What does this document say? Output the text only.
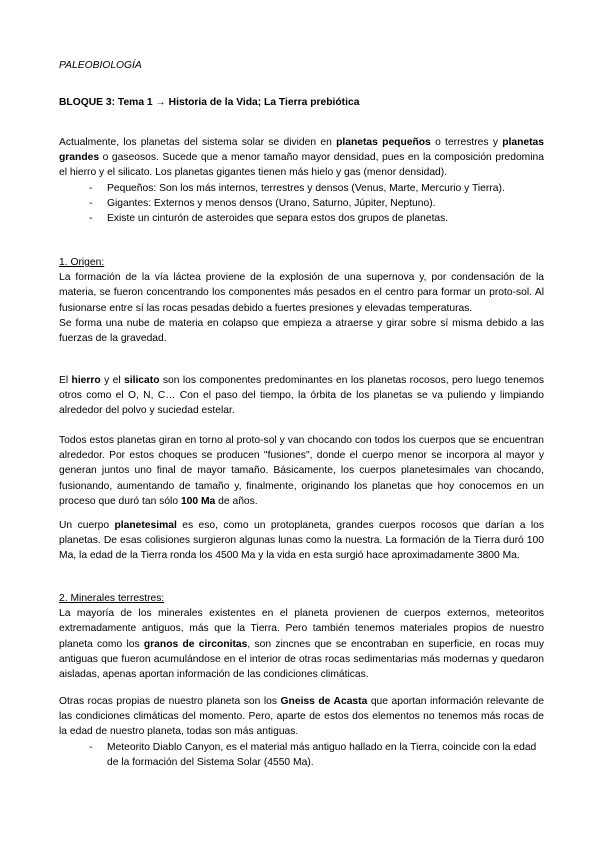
PALEOBIOLOGÍA

BLOQUE 3: Tema 1 → Historia de la Vida; La Tierra prebiótica

Actualmente, los planetas del sistema solar se dividen en planetas pequeños o terrestres y planetas grandes o gaseosos. Sucede que a menor tamaño mayor densidad, pues en la composición predomina el hierro y el silicato. Los planetas gigantes tienen más hielo y gas (menor densidad).

- Pequeños: Son los más internos, terrestres y densos (Venus, Marte, Mercurio y Tierra).
- Gigantes: Externos y menos densos (Urano, Saturno, Júpiter, Neptuno).
- Existe un cinturón de asteroides que separa estos dos grupos de planetas.

1. Origen:

La formación de la vía láctea proviene de la explosión de una supernova y, por condensación de la materia, se fueron concentrando los componentes más pesados en el centro para formar un proto-sol. Al fusionarse entre sí las rocas pesadas debido a fuertes presiones y elevadas temperaturas.

Se forma una nube de materia en colapso que empieza a atraerse y girar sobre sí misma debido a las fuerzas de la gravedad.

El hierro y el silicato son los componentes predominantes en los planetas rocosos, pero luego tenemos otros como el O, N, C… Con el paso del tiempo, la órbita de los planetas se va puliendo y limpiando alrededor del polvo y suciedad estelar.

Todos estos planetas giran en torno al proto-sol y van chocando con todos los cuerpos que se encuentran alrededor. Por estos choques se producen "fusiones", donde el cuerpo menor se incorpora al mayor y generan juntos uno final de mayor tamaño. Básicamente, los cuerpos planetesimales van chocando, fusionando, aumentando de tamaño y, finalmente, originando los planetas que hoy conocemos en un proceso que duró tan sólo 100 Ma de años.

Un cuerpo planetesimal es eso, como un protoplaneta, grandes cuerpos rocosos que darían a los planetas. De esas colisiones surgieron algunas lunas como la nuestra. La formación de la Tierra duró 100 Ma, la edad de la Tierra ronda los 4500 Ma y la vida en esta surgió hace aproximadamente 3800 Ma.

2. Minerales terrestres:

La mayoría de los minerales existentes en el planeta provienen de cuerpos externos, meteoritos extremadamente antiguos, más que la Tierra. Pero también tenemos materiales propios de nuestro planeta como los granos de circonitas, son zincnes que se encontraban en superficie, en rocas muy antiguas que fueron acumulándose en el interior de otras rocas sedimentarias más modernas y quedaron aisladas, apenas aportan información de las condiciones climáticas.

Otras rocas propias de nuestro planeta son los Gneiss de Acasta que aportan información relevante de las condiciones climáticas del momento. Pero, aparte de estos dos elementos no tenemos más rocas de la edad de nuestro planeta, todas son más antiguas.

- Meteorito Diablo Canyon, es el material más antiguo hallado en la Tierra, coincide con la edad de la formación del Sistema Solar (4550 Ma).
